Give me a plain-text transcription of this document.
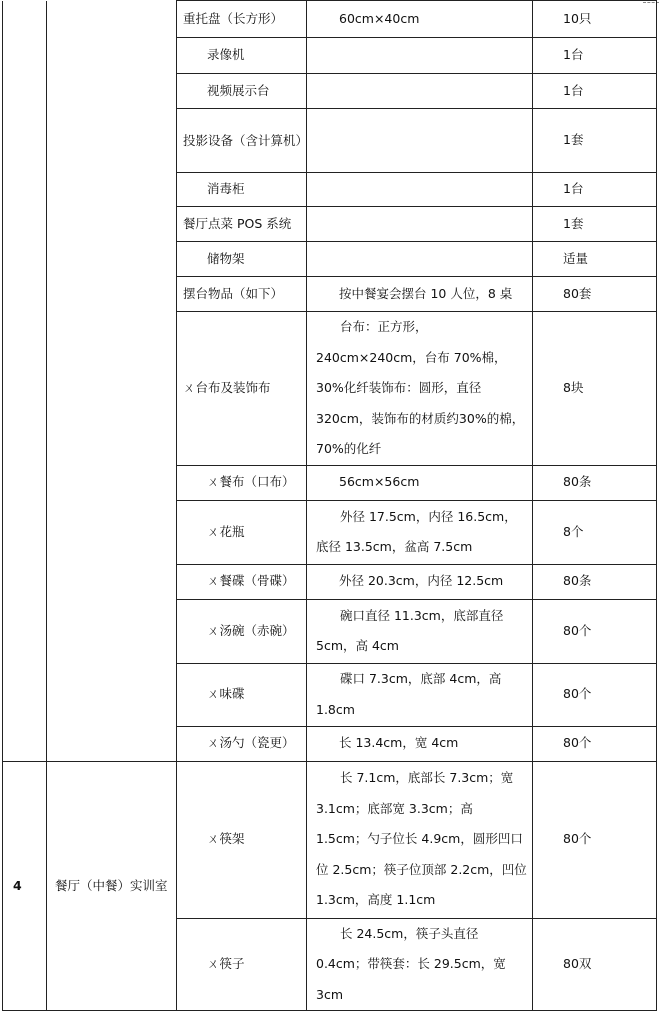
		重托盘（长方形）	60cm×40cm	10只
		录像机		1台
		视频展示台		1台
		投影设备（含计算机）		1套
		消毒柜		1台
		餐厅点菜 POS 系统		1套
		储物架		适量
		摆台物品（如下）	按中餐宴会摆台 10 人位，8 桌	80套
		ㄨ台布及装饰布	台布：正方形，240cm×240cm，台布 70%棉，30%化纤装饰布：圆形，直径 320cm，装饰布的材质约30%的棉，70%的化纤	8块
		ㄨ餐布（口布）	56cm×56cm	80条
		ㄨ花瓶	外径 17.5cm，内径 16.5cm，底径 13.5cm，盆高 7.5cm	8个
		ㄨ餐碟（骨碟）	外径 20.3cm，内径 12.5cm	80条
		ㄨ汤碗（赤碗）	碗口直径 11.3cm，底部直径 5cm，高 4cm	80个
		ㄨ味碟	碟口 7.3cm，底部 4cm，高 1.8cm	80个
		ㄨ汤勺（瓷更）	长 13.4cm，宽 4cm	80个
4	餐厅（中餐）实训室	ㄨ筷架	长 7.1cm，底部长 7.3cm；宽 3.1cm；底部宽 3.3cm；高 1.5cm；勺子位长 4.9cm，圆形凹口位 2.5cm；筷子位顶部 2.2cm，凹位 1.3cm，高度 1.1cm	80个
		ㄨ筷子	长 24.5cm，筷子头直径 0.4cm；带筷套：长 29.5cm，宽 3cm	80双
